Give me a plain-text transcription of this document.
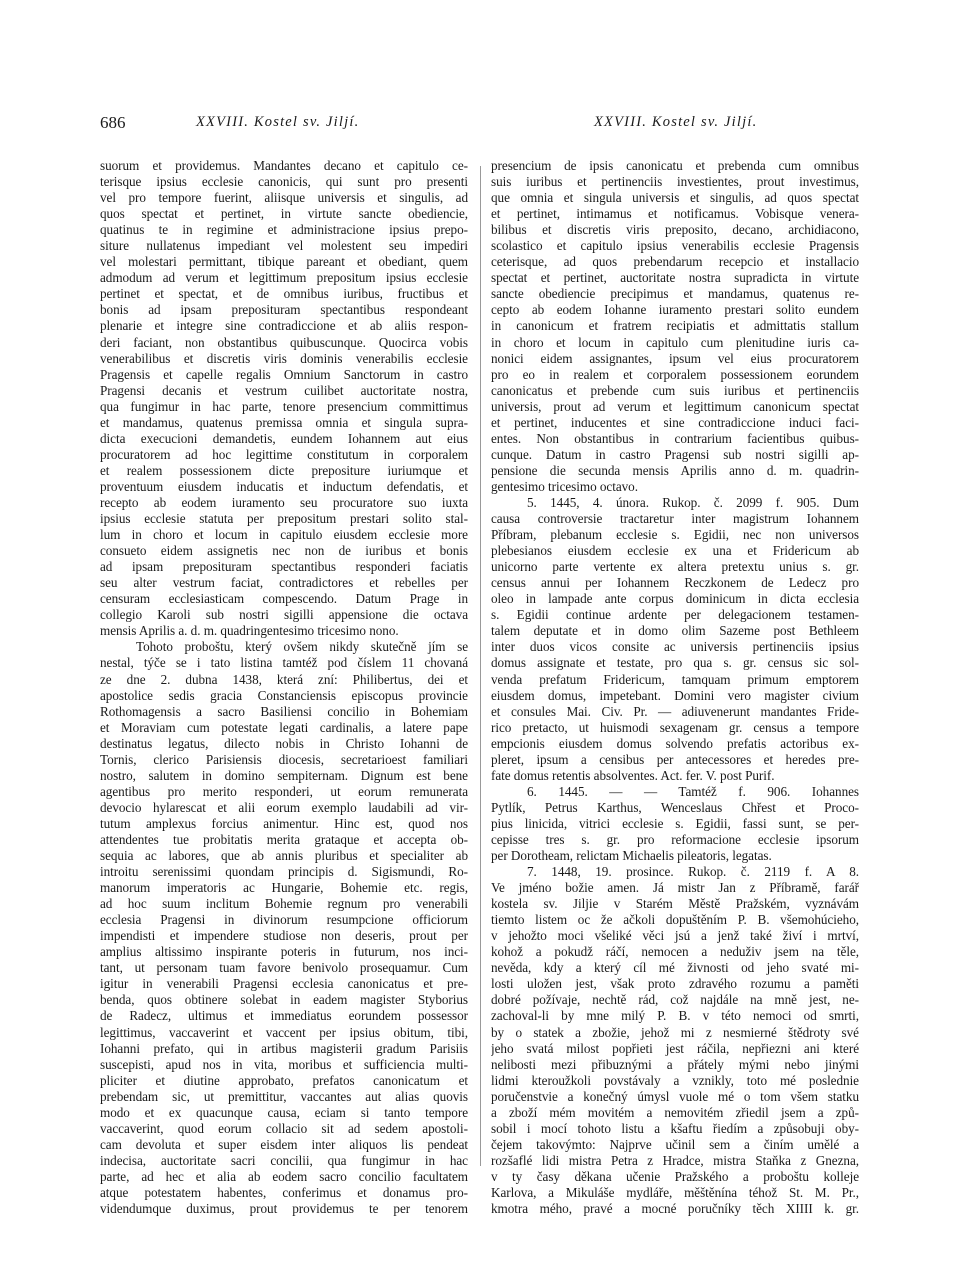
686	XXVIII. Kostel sv. Jiljí.	XXVIII. Kostel sv. Jiljí.
suorum et providemus. Mandantes decano et capitulo ce-
terisque ipsius ecclesie canonicis, qui sunt pro presenti
vel pro tempore fuerint, aliisque universis et singulis, ad
quos spectat et pertinet, in virtute sancte obediencie,
quatinus te in regimine et administracione ipsius prepo-
siture nullatenus impediant vel molestent seu impediri
vel molestari permittant, tibique pareant et obediant, quem
admodum ad verum et legittimum prepositum ipsius ecclesie
pertinet et spectat, et de omnibus iuribus, fructibus et
bonis ad ipsam preposituram spectantibus respondeant
plenarie et integre sine contradiccione et ab aliis respon-
deri faciant, non obstantibus quibuscunque. Quocirca vobis
venerabilibus et discretis viris dominis venerabilis ecclesie
Pragensis et capelle regalis Omnium Sanctorum in castro
Pragensi decanis et vestrum cuilibet auctoritate nostra,
qua fungimur in hac parte, tenore presencium committimus
et mandamus, quatenus premissa omnia et singula supra-
dicta execucioni demandetis, eundem Iohannem aut eius
procuratorem ad hoc legittime constitutum in corporalem
et realem possessionem dicte prepositure iuriumque et
proventuum eiusdem inducatis et inductum defendatis, et
recepto ab eodem iuramento seu procuratore suo iuxta
ipsius ecclesie statuta per prepositum prestari solito stal-
lum in choro et locum in capitulo eiusdem ecclesie more
consueto eidem assignetis nec non de iuribus et bonis
ad ipsam preposituram spectantibus responderi faciatis
seu alter vestrum faciat, contradictores et rebelles per
censuram ecclesiasticam compescendo. Datum Prage in
collegio Karoli sub nostri sigilli appensione die octava
mensis Aprilis a. d. m. quadringentesimo tricesimo nono.
Tohoto proboštu, který ovšem nikdy skutečně jím se
nestal, týče se i tato listina tamtéž pod číslem 11 chovaná
ze dne 2. dubna 1438, která zní: Philibertus, dei et
apostolice sedis gracia Constanciensis episcopus provincie
Rothomagensis a sacro Basiliensi concilio in Bohemiam
et Moraviam cum potestate legati cardinalis, a latere pape
destinatus legatus, dilecto nobis in Christo Iohanni de
Tornis, clerico Parisiensis diocesis, secretarioest familiari
nostro, salutem in domino sempiternam. Dignum est bene
agentibus pro merito responderi, ut eorum remunerata
devocio hylarescat et alii eorum exemplo laudabili ad vir-
tutum amplexus forcius animentur. Hinc est, quod nos
attendentes tue probitatis merita grataque et accepta ob-
sequia ac labores, que ab annis pluribus et specialiter ab
introitu serenissimi quondam principis d. Sigismundi, Ro-
manorum imperatoris ac Hungarie, Bohemie etc. regis,
ad hoc suum inclitum Bohemie regnum pro venerabili
ecclesia Pragensi in divinorum resumpcione officiorum
impendisti et impendere studiose non deseris, prout per
amplius altissimo inspirante poteris in futurum, nos inci-
tant, ut personam tuam favore benivolo prosequamur. Cum
igitur in venerabili Pragensi ecclesia canonicatus et pre-
benda, quos obtinere solebat in eadem magister Styborius
de Radecz, ultimus et immediatus eorundem possessor
legittimus, vaccaverint et vaccent per ipsius obitum, tibi,
Iohanni prefato, qui in artibus magisterii gradum Parisiis
suscepisti, apud nos in vita, moribus et sufficiencia multi-
pliciter et diutine approbato, prefatos canonicatum et
prebendam sic, ut premittitur, vaccantes aut alias quovis
modo et ex quacunque causa, eciam si tanto tempore
vaccaverint, quod eorum collacio sit ad sedem apostoli-
cam devoluta et super eisdem inter aliquos lis pendeat
indecisa, auctoritate sacri concilii, qua fungimur in hac
parte, ad hec et alia ab eodem sacro concilio facultatem
atque potestatem habentes, conferimus et donamus pro-
videndumque duximus, prout providemus te per tenorem
presencium de ipsis canonicatu et prebenda cum omnibus
suis iuribus et pertinenciis investientes, prout investimus,
que omnia et singula universis et singulis, ad quos spectat
et pertinet, intimamus et notificamus. Vobisque venera-
bilibus et discretis viris preposito, decano, archidiacono,
scolastico et capitulo ipsius venerabilis ecclesie Pragensis
ceterisque, ad quos prebendarum recepcio et installacio
spectat et pertinet, auctoritate nostra supradicta in virtute
sancte obediencie precipimus et mandamus, quatenus re-
cepto ab eodem Iohanne iuramento prestari solito eundem
in canonicum et fratrem recipiatis et admittatis stallum
in choro et locum in capitulo cum plenitudine iuris ca-
nonici eidem assignantes, ipsum vel eius procuratorem
pro eo in realem et corporalem possessionem eorundem
canonicatus et prebende cum suis iuribus et pertinenciis
universis, prout ad verum et legittimum canonicum spectat
et pertinet, inducentes et sine contradiccione induci faci-
entes. Non obstantibus in contrarium facientibus quibus-
cunque. Datum in castro Pragensi sub nostri sigilli ap-
pensione die secunda mensis Aprilis anno d. m. quadrin-
gentesimo tricesimo octavo.
5. 1445, 4. února. Rukop. č. 2099 f. 905. Dum
causa controversie tractaretur inter magistrum Iohannem
Příbram, plebanum ecclesie s. Egidii, nec non universos
plebesianos eiusdem ecclesie ex una et Fridericum ab
unicorno parte vertente ex altera pretextu unius s. gr.
census annui per Iohannem Reczkonem de Ledecz pro
oleo in lampade ante corpus dominicum in dicta ecclesia
s. Egidii continue ardente per delegacionem testamen-
talem deputate et in domo olim Sazeme post Bethleem
inter duos vicos consite ac universis pertinenciis ipsius
domus assignate et testate, pro qua s. gr. census sic sol-
venda prefatum Fridericum, tamquam primum emptorem
eiusdem domus, impetebant. Domini vero magister civium
et consules Mai. Civ. Pr. — adiuvenerunt mandantes Fride-
rico pretacto, ut huismodi sexagenam gr. census a tempore
empcionis eiusdem domus solvendo prefatis actoribus ex-
pleret, ipsum a censibus per antecessores et heredes pre-
fate domus retentis absolventes. Act. fer. V. post Purif.
6. 1445. — — Tamtéž f. 906. Iohannes
Pytlík, Petrus Karthus, Wenceslaus Chřest et Proco-
pius linicida, vitrici ecclesie s. Egidii, fassi sunt, se per-
cepisse tres s. gr. pro reformacione ecclesie ipsorum
per Dorotheam, relictam Michaelis pileatoris, legatas.
7. 1448, 19. prosince. Rukop. č. 2119 f. A 8.
Ve jméno božie amen. Já mistr Jan z Příbramě, farář
kostela sv. Jiljie v Starém Městě Pražském, vyznávám
tiemto listem oc že ačkoli dopuštěním P. B. všemohúcieho,
v jehožto moci všeliké věci jsú a jenž také živí i mrtví,
kohož a pokudž ráčí, nemocen a neduživ jsem na těle,
nevěda, kdy a který cíl mé živnosti od jeho svaté mi-
losti uložen jest, však proto zdravého rozumu a paměti
dobré požívaje, nechtě rád, což najdále na mně jest, ne-
zachoval-li by mne milý P. B. v této nemoci od smrti,
by o statek a zbožie, jehož mi z nesmierné štědroty své
jeho svatá milost popřieti jest ráčila, nepřiezni ani které
nelibosti mezi přibuznými a přátely mými nebo jinými
lidmi kteroužkoli povstávaly a vznikly, toto mé poslednie
poručenstvie a konečný úmysl vuole mé o tom všem statku
a zboží mém movitém a nemovitém zřiedil jsem a způ-
sobil i mocí tohoto listu a kšaftu řiedím a způsobuji oby-
čejem takovýmto: Najprve učinil sem a činím umělé a
rozšaflé lidi mistra Petra z Hradce, mistra Staňka z Gnezna,
v ty časy děkana učenie Pražského a proboštu kolleje
Karlova, a Mikuláše mydláře, měštěnína téhož St. M. Pr.,
kmotra mého, pravé a mocné poručníky těch XIIII k. gr.
